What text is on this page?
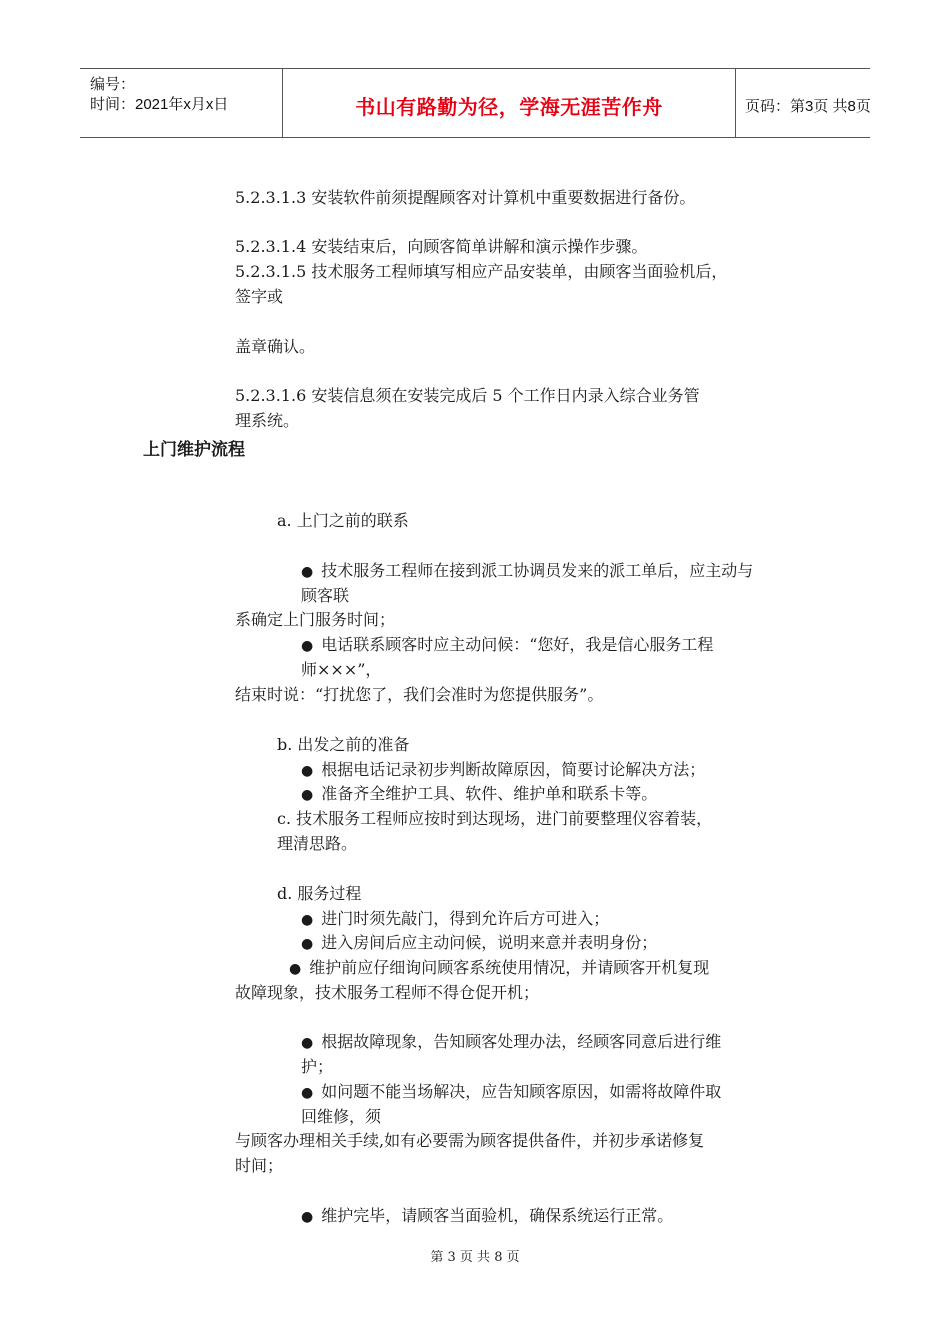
编号：
时间：2021年x月x日	书山有路勤为径，学海无涯苦作舟	页码：第3页 共8页
5.2.3.1.3 安装软件前须提醒顾客对计算机中重要数据进行备份。
5.2.3.1.4 安装结束后，向顾客简单讲解和演示操作步骤。
5.2.3.1.5 技术服务工程师填写相应产品安装单，由顾客当面验机后，
签字或
盖章确认。
5.2.3.1.6 安装信息须在安装完成后 5 个工作日内录入综合业务管
理系统。
上门维护流程
a. 上门之前的联系
● 技术服务工程师在接到派工协调员发来的派工单后，应主动与
顾客联
系确定上门服务时间；
● 电话联系顾客时应主动问候：“您好，我是信心服务工程
师×××”，
结束时说：“打扰您了，我们会准时为您提供服务”。
b. 出发之前的准备
● 根据电话记录初步判断故障原因，简要讨论解决方法；
● 准备齐全维护工具、软件、维护单和联系卡等。
c. 技术服务工程师应按时到达现场，进门前要整理仪容着装，
理清思路。
d. 服务过程
● 进门时须先敲门，得到允许后方可进入；
● 进入房间后应主动问候，说明来意并表明身份；
● 维护前应仔细询问顾客系统使用情况，并请顾客开机复现
故障现象，技术服务工程师不得仓促开机；
● 根据故障现象，告知顾客处理办法，经顾客同意后进行维
护；
● 如问题不能当场解决，应告知顾客原因，如需将故障件取
回维修，须
与顾客办理相关手续,如有必要需为顾客提供备件，并初步承诺修复
时间；
● 维护完毕，请顾客当面验机，确保系统运行正常。
第 3 页 共 8 页
